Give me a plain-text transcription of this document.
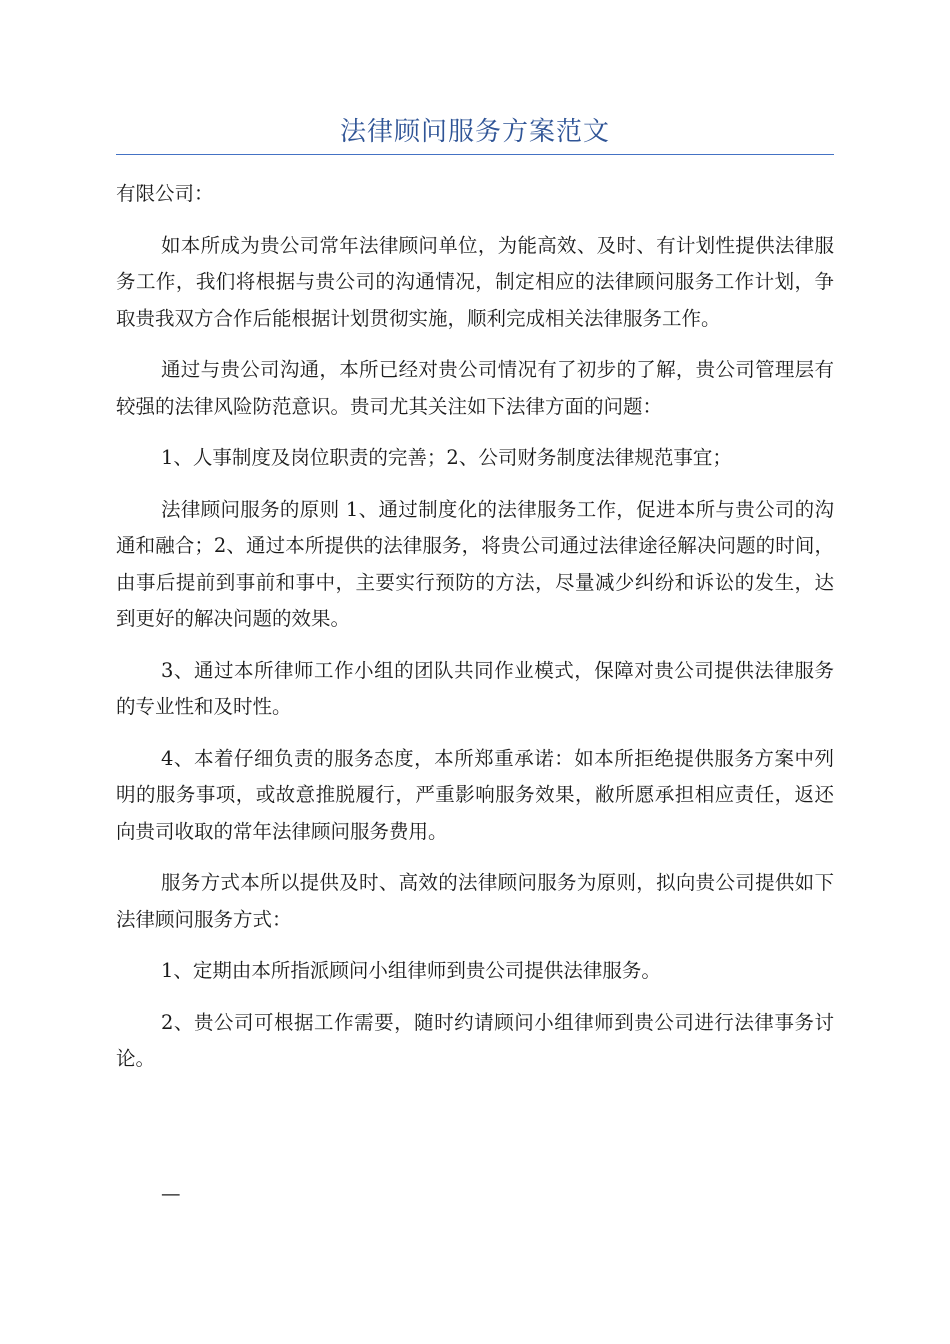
法律顾问服务方案范文

有限公司：

如本所成为贵公司常年法律顾问单位，为能高效、及时、有计划性提供法律服务工作，我们将根据与贵公司的沟通情况，制定相应的法律顾问服务工作计划，争取贵我双方合作后能根据计划贯彻实施，顺利完成相关法律服务工作。

通过与贵公司沟通，本所已经对贵公司情况有了初步的了解，贵公司管理层有较强的法律风险防范意识。贵司尤其关注如下法律方面的问题：

1、人事制度及岗位职责的完善；2、公司财务制度法律规范事宜；

法律顾问服务的原则 1、通过制度化的法律服务工作，促进本所与贵公司的沟通和融合；2、通过本所提供的法律服务，将贵公司通过法律途径解决问题的时间，由事后提前到事前和事中，主要实行预防的方法，尽量减少纠纷和诉讼的发生，达到更好的解决问题的效果。

3、通过本所律师工作小组的团队共同作业模式，保障对贵公司提供法律服务的专业性和及时性。

4、本着仔细负责的服务态度，本所郑重承诺：如本所拒绝提供服务方案中列明的服务事项，或故意推脱履行，严重影响服务效果，敝所愿承担相应责任，返还向贵司收取的常年法律顾问服务费用。

服务方式本所以提供及时、高效的法律顾问服务为原则，拟向贵公司提供如下法律顾问服务方式：

1、定期由本所指派顾问小组律师到贵公司提供法律服务。

2、贵公司可根据工作需要，随时约请顾问小组律师到贵公司进行法律事务讨论。

—
